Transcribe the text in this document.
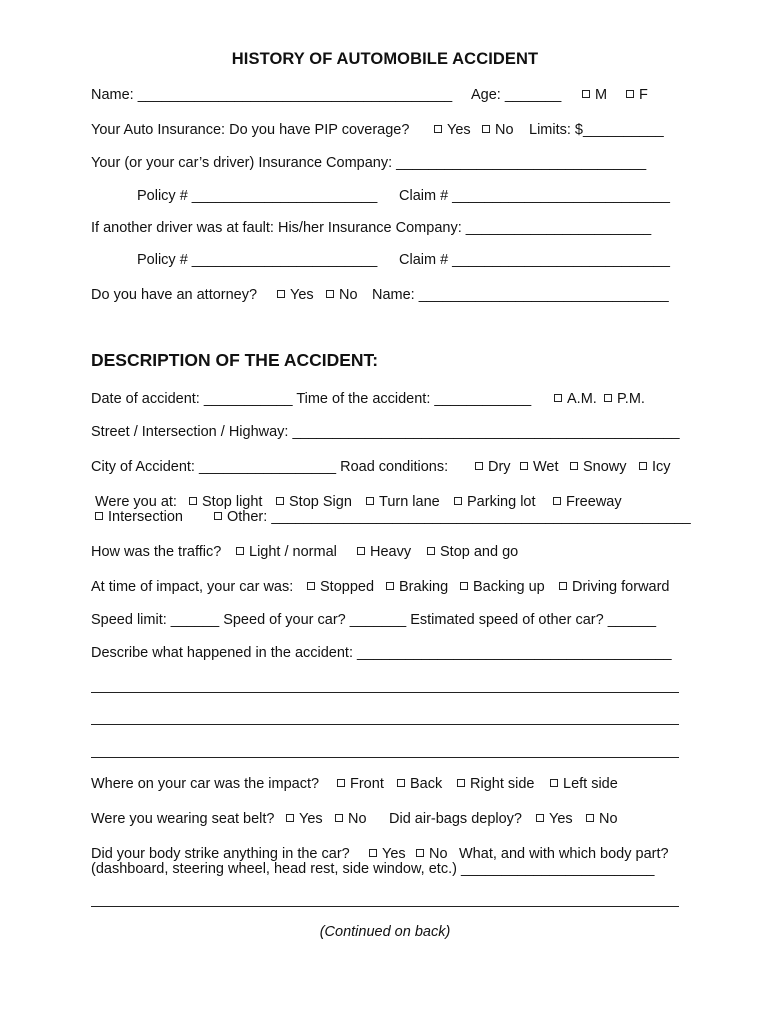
HISTORY OF AUTOMOBILE ACCIDENT
Name: _______________________________________ Age: _______	M	F
Your Auto Insurance: Do you have PIP coverage?	Yes	No Limits: $__________
Your (or your car’s driver) Insurance Company: _______________________________
Policy # _______________________ Claim # ___________________________
If another driver was at fault: His/her Insurance Company: _______________________
Policy # _______________________ Claim # ___________________________
Do you have an attorney?	Yes	No Name: _______________________________
DESCRIPTION OF THE ACCIDENT:
Date of accident: ___________ Time of the accident: ____________	A.M.	P.M.
Street / Intersection / Highway: ________________________________________________
City of Accident: _________________ Road conditions:	Dry	Wet	Snowy	Icy
Were you at:	Stop light	Stop Sign	Turn lane	Parking lot	Freeway
Intersection	Other: ____________________________________________________
How was the traffic?	Light / normal	Heavy	Stop and go
At time of impact, your car was:	Stopped	Braking	Backing up	Driving forward
Speed limit: ______ Speed of your car? _______ Estimated speed of other car? ______
Describe what happened in the accident: _______________________________________
Where on your car was the impact?	Front	Back	Right side	Left side
Were you wearing seat belt?	Yes	No Did air-bags deploy?	Yes	No
Did your body strike anything in the car?	Yes	No What, and with which body part?
(dashboard, steering wheel, head rest, side window, etc.) ________________________
(Continued on back)
